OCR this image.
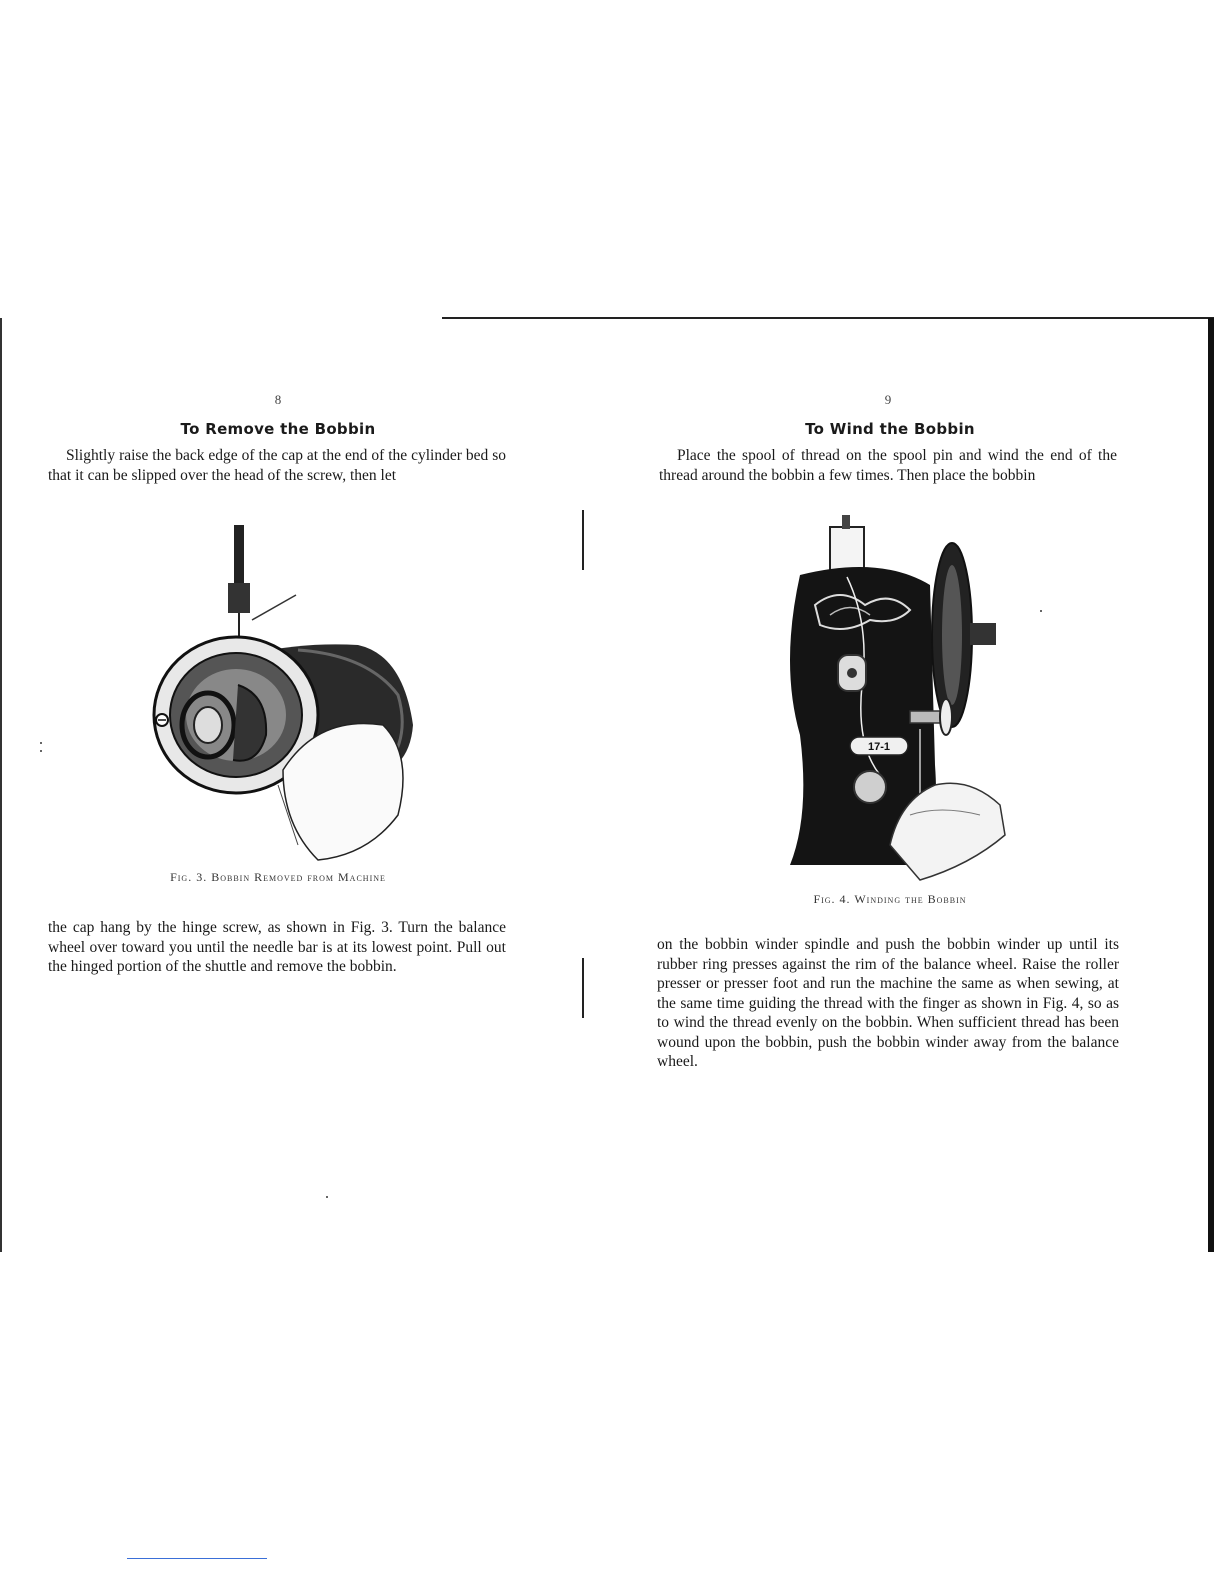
8
To Remove the Bobbin

Slightly raise the back edge of the cap at the end of the cylinder bed so that it can be slipped over the head of the screw, then let

Fig. 3. Bobbin Removed from Machine

the cap hang by the hinge screw, as shown in Fig. 3. Turn the balance wheel over toward you until the needle bar is at its lowest point. Pull out the hinged portion of the shuttle and remove the bobbin.

9
To Wind the Bobbin

Place the spool of thread on the spool pin and wind the end of the thread around the bobbin a few times. Then place the bobbin

17-1
Fig. 4. Winding the Bobbin

on the bobbin winder spindle and push the bobbin winder up until its rubber ring presses against the rim of the balance wheel. Raise the roller presser or presser foot and run the machine the same as when sewing, at the same time guiding the thread with the finger as shown in Fig. 4, so as to wind the thread evenly on the bobbin. When sufficient thread has been wound upon the bobbin, push the bobbin winder away from the balance wheel.
